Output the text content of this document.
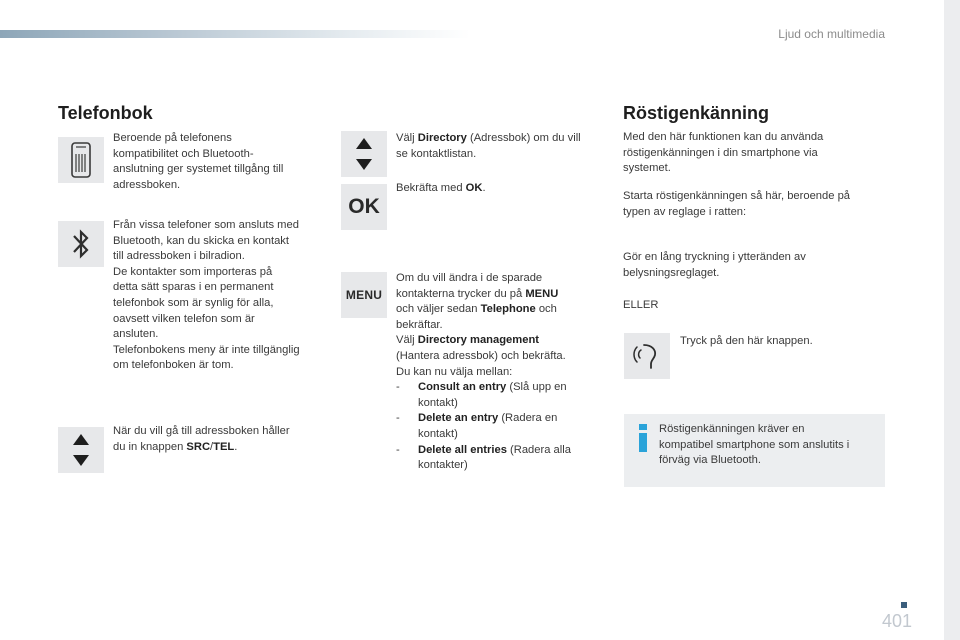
Ljud och multimedia
Telefonbok
Beroende på telefonens
kompatibilitet och Bluetooth-
anslutning ger systemet tillgång till
adressboken.
Från vissa telefoner som ansluts med
Bluetooth, kan du skicka en kontakt
till adressboken i bilradion.
De kontakter som importeras på
detta sätt sparas i en permanent
telefonbok som är synlig för alla,
oavsett vilken telefon som är
ansluten.
Telefonbokens meny är inte tillgänglig
om telefonboken är tom.
När du vill gå till adressboken håller
du in knappen SRC/TEL.
Välj Directory (Adressbok) om du vill
se kontaktlistan.
OK
Bekräfta med OK.
MENU
Om du vill ändra i de sparade
kontakterna trycker du på MENU
och väljer sedan Telephone och
bekräftar.
Välj Directory management
(Hantera adressbok) och bekräfta.
Du kan nu välja mellan:
- Consult an entry (Slå upp en
kontakt)
- Delete an entry (Radera en
kontakt)
- Delete all entries (Radera alla
kontakter)
Röstigenkänning
Med den här funktionen kan du använda
röstigenkänningen i din smartphone via
systemet.
Starta röstigenkänningen så här, beroende på
typen av reglage i ratten:
Gör en lång tryckning i ytteränden av
belysningsreglaget.
ELLER
Tryck på den här knappen.
Röstigenkänningen kräver en
kompatibel smartphone som anslutits i
förväg via Bluetooth.
401
